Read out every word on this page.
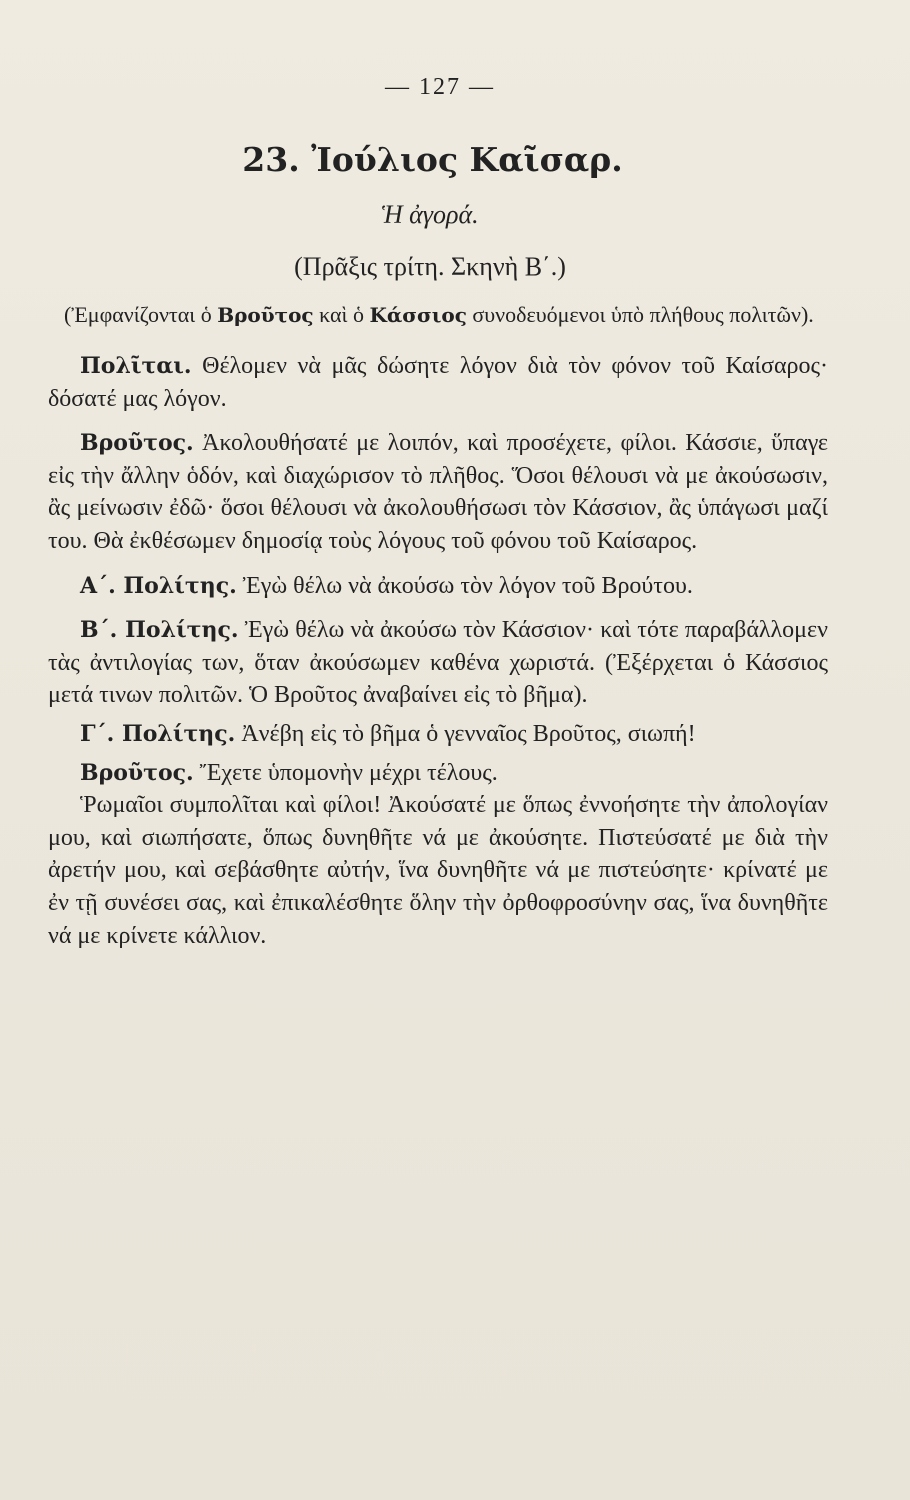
— 127 —
23. Ἰούλιος Καῖσαρ.
Ἡ ἀγορά.
(Πρᾶξις τρίτη. Σκηνὴ Β΄.)

(Ἐμφανίζονται ὁ Βροῦτος καὶ ὁ Κάσσιος συνοδευόμενοι ὑπὸ πλήθους πολιτῶν).

Πολῖται. Θέλομεν νὰ μᾶς δώσητε λόγον διὰ τὸν φόνον τοῦ Καίσαρος· δόσατέ μας λόγον.

Βροῦτος. Ἀκολουθήσατέ με λοιπόν, καὶ προσέχετε, φίλοι. Κάσσιε, ὕπαγε εἰς τὴν ἄλλην ὁδόν, καὶ διαχώρισον τὸ πλῆθος. Ὅσοι θέλουσι νὰ με ἀκούσωσιν, ἂς μείνωσιν ἐδῶ· ὅσοι θέλουσι νὰ ἀκολουθήσωσι τὸν Κάσσιον, ἂς ὑπάγωσι μαζί του. Θὰ ἐκθέσωμεν δημοσίᾳ τοὺς λόγους τοῦ φόνου τοῦ Καίσαρος.

Α΄. Πολίτης. Ἐγὼ θέλω νὰ ἀκούσω τὸν λόγον τοῦ Βρούτου.

Β΄. Πολίτης. Ἐγὼ θέλω νὰ ἀκούσω τὸν Κάσσιον· καὶ τότε παραβάλλομεν τὰς ἀντιλογίας των, ὅταν ἀκούσωμεν καθένα χωριστά. (Ἐξέρχεται ὁ Κάσσιος μετά τινων πολιτῶν. Ὁ Βροῦτος ἀναβαίνει εἰς τὸ βῆμα).

Γ΄. Πολίτης. Ἀνέβη εἰς τὸ βῆμα ὁ γενναῖος Βροῦτος, σιωπή!

Βροῦτος. Ἔχετε ὑπομονὴν μέχρι τέλους.

Ῥωμαῖοι συμπολῖται καὶ φίλοι! Ἀκούσατέ με ὅπως ἐννοήσητε τὴν ἀπολογίαν μου, καὶ σιωπήσατε, ὅπως δυνηθῆτε νά με ἀκούσητε. Πιστεύσατέ με διὰ τὴν ἀρετήν μου, καὶ σεβάσθητε αὐτήν, ἵνα δυνηθῆτε νά με πιστεύσητε· κρίνατέ με ἐν τῇ συνέσει σας, καὶ ἐπικαλέσθητε ὅλην τὴν ὀρθοφροσύνην σας, ἵνα δυνηθῆτε νά με κρίνετε κάλλιον.
